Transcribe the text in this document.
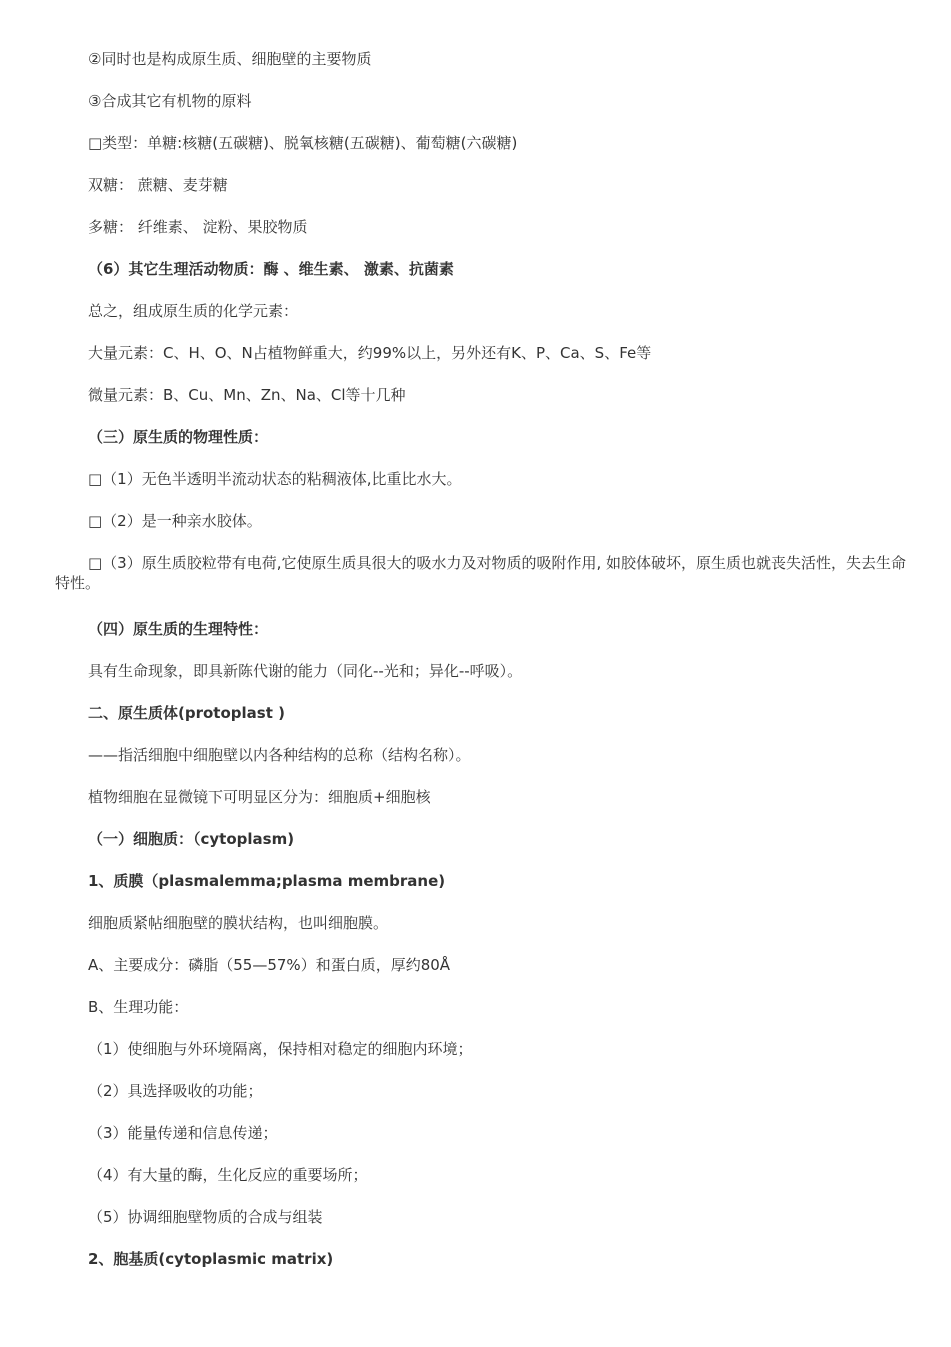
②同时也是构成原生质、细胞壁的主要物质
③合成其它有机物的原料
□类型：单糖:核糖(五碳糖)、脱氧核糖(五碳糖)、葡萄糖(六碳糖)
双糖： 蔗糖、麦芽糖
多糖： 纤维素、 淀粉、果胶物质
（6）其它生理活动物质：酶 、维生素、 激素、抗菌素
总之，组成原生质的化学元素：
大量元素：C、H、O、N占植物鲜重大，约99%以上，另外还有K、P、Ca、S、Fe等
微量元素：B、Cu、Mn、Zn、Na、Cl等十几种
（三）原生质的物理性质：
□（1）无色半透明半流动状态的粘稠液体,比重比水大。
□（2）是一种亲水胶体。
□（3）原生质胶粒带有电荷,它使原生质具很大的吸水力及对物质的吸附作用, 如胶体破坏，原生质也就丧失活性，失去生命特性。
（四）原生质的生理特性：
具有生命现象，即具新陈代谢的能力（同化--光和；异化--呼吸）。
二、原生质体(protoplast )
——指活细胞中细胞壁以内各种结构的总称（结构名称）。
植物细胞在显微镜下可明显区分为：细胞质+细胞核
（一）细胞质：（cytoplasm)
1、质膜（plasmalemma;plasma membrane)
细胞质紧帖细胞壁的膜状结构，也叫细胞膜。
A、主要成分：磷脂（55—57%）和蛋白质，厚约80Å
B、生理功能：
（1）使细胞与外环境隔离，保持相对稳定的细胞内环境；
（2）具选择吸收的功能；
（3）能量传递和信息传递；
（4）有大量的酶，生化反应的重要场所；
（5）协调细胞壁物质的合成与组装
2、胞基质(cytoplasmic matrix)
